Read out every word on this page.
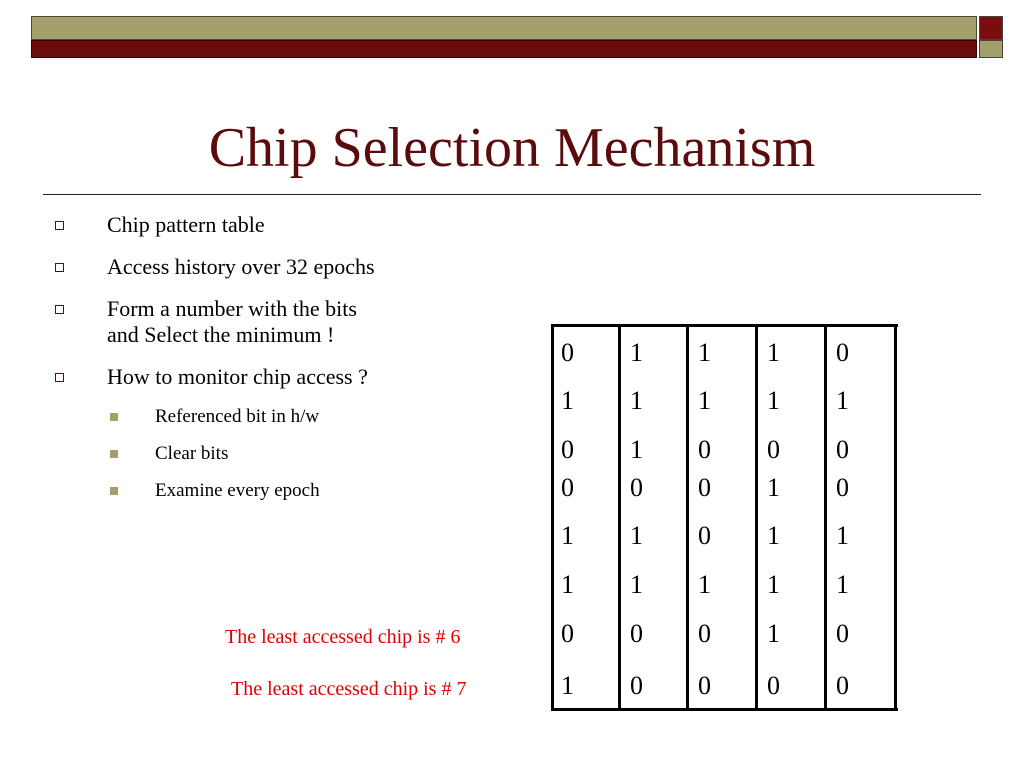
Chip Selection Mechanism
Chip pattern table
Access history over 32 epochs
Form a number with the bits
and Select the minimum !
How to monitor chip access ?
Referenced bit in h/w
Clear bits
Examine every epoch
0
1
0
0
1
1
0
1
1
1
1
0
1
1
0
0
1
1
0
0
0
1
0
0
1
1
0
1
1
1
1
0
0
1
0
0
1
1
0
0
The least accessed chip is # 6
The least accessed chip is # 7
